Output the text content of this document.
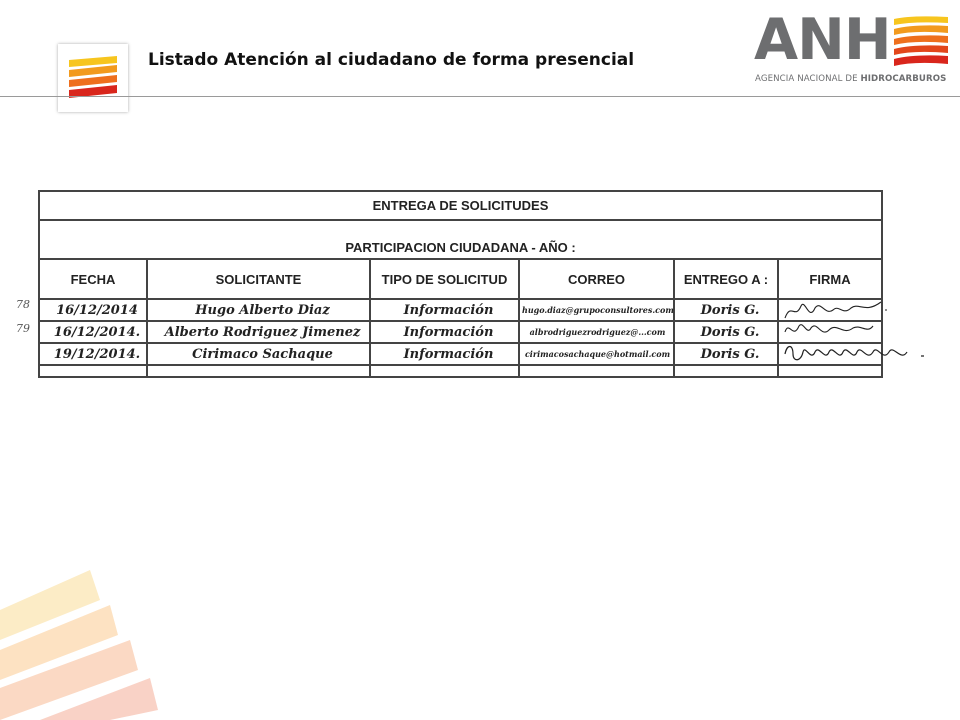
Listado Atención al ciudadano de forma presencial ANH
AGENCIA NACIONAL DE HIDROCARBUROS
78
79
ENTREGA DE SOLICITUDES					
PARTICIPACION CIUDADANA - AÑO :					
FECHA	SOLICITANTE	TIPO DE SOLICITUD	CORREO	ENTREGO A :	FIRMA
16/12/2014	Hugo Alberto Diaz	Información	hugo.diaz@grupoconsultores.com	Doris G.	

16/12/2014.	Alberto Rodriguez Jimenez	Información	albrodriguezrodriguez@...com	Doris G.	

19/12/2014.	Cirimaco Sachaque	Información	cirimacosachaque@hotmail.com	Doris G.	
